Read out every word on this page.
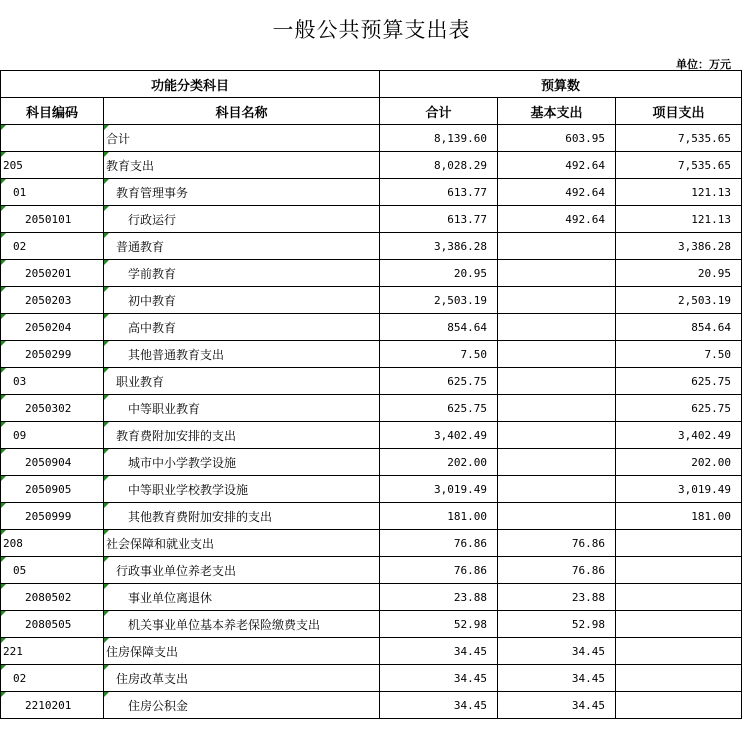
一般公共预算支出表
单位：万元
功能分类科目		预算数		
科目编码	科目名称	合计	基本支出	项目支出
	合计	8,139.60	603.95	7,535.65
205	教育支出	8,028.29	492.64	7,535.65
01	教育管理事务	613.77	492.64	121.13
2050101	行政运行	613.77	492.64	121.13
02	普通教育	3,386.28		3,386.28
2050201	学前教育	20.95		20.95
2050203	初中教育	2,503.19		2,503.19
2050204	高中教育	854.64		854.64
2050299	其他普通教育支出	7.50		7.50
03	职业教育	625.75		625.75
2050302	中等职业教育	625.75		625.75
09	教育费附加安排的支出	3,402.49		3,402.49
2050904	城市中小学教学设施	202.00		202.00
2050905	中等职业学校教学设施	3,019.49		3,019.49
2050999	其他教育费附加安排的支出	181.00		181.00
208	社会保障和就业支出	76.86	76.86	
05	行政事业单位养老支出	76.86	76.86	
2080502	事业单位离退休	23.88	23.88	
2080505	机关事业单位基本养老保险缴费支出	52.98	52.98	
221	住房保障支出	34.45	34.45	
02	住房改革支出	34.45	34.45	
2210201	住房公积金	34.45	34.45	
